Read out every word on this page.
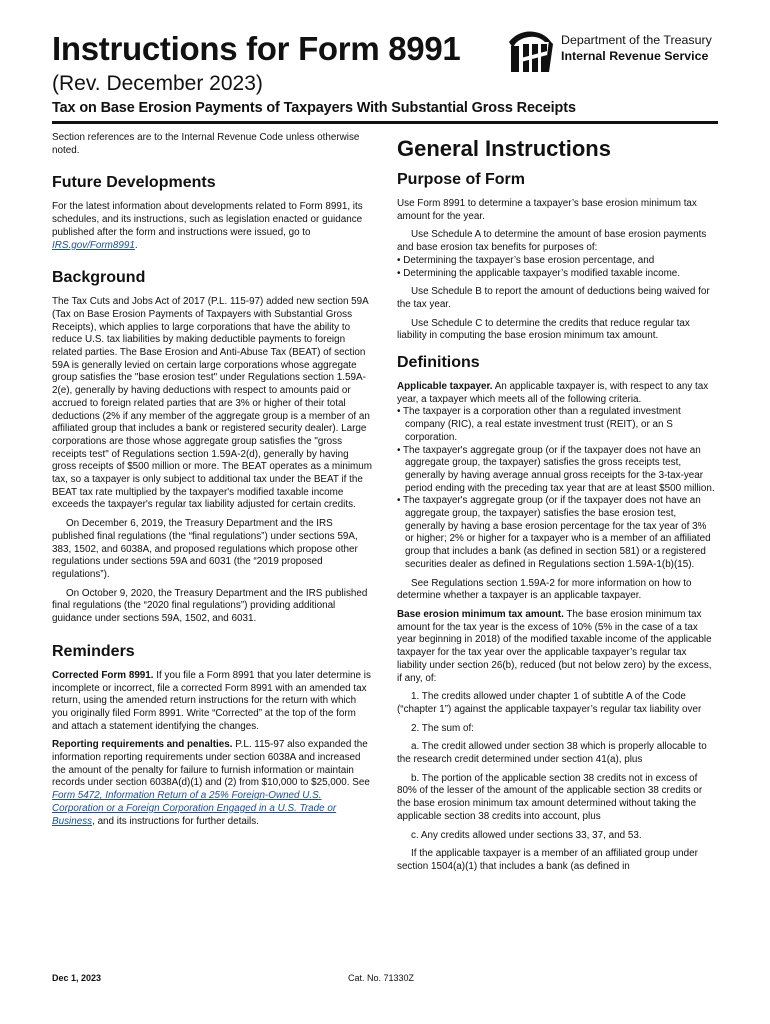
Instructions for Form 8991
(Rev. December 2023)
Tax on Base Erosion Payments of Taxpayers With Substantial Gross Receipts
Department of the Treasury
Internal Revenue Service

Section references are to the Internal Revenue Code unless otherwise noted.

Future Developments

For the latest information about developments related to Form 8991, its schedules, and its instructions, such as legislation enacted or guidance published after the form and instructions were issued, go to IRS.gov/Form8991.

Background

The Tax Cuts and Jobs Act of 2017 (P.L. 115-97) added new section 59A (Tax on Base Erosion Payments of Taxpayers with Substantial Gross Receipts), which applies to large corporations that have the ability to reduce U.S. tax liabilities by making deductible payments to foreign related parties. The Base Erosion and Anti-Abuse Tax (BEAT) of section 59A is generally levied on certain large corporations whose aggregate group satisfies the "base erosion test" under Regulations section 1.59A-2(e), generally by having deductions with respect to amounts paid or accrued to foreign related parties that are 3% or higher of their total deductions (2% if any member of the aggregate group is a member of an affiliated group that includes a bank or registered security dealer). Large corporations are those whose aggregate group satisfies the "gross receipts test" of Regulations section 1.59A-2(d), generally by having gross receipts of $500 million or more. The BEAT operates as a minimum tax, so a taxpayer is only subject to additional tax under the BEAT if the BEAT tax rate multiplied by the taxpayer's modified taxable income exceeds the taxpayer's regular tax liability adjusted for certain credits.

On December 6, 2019, the Treasury Department and the IRS published final regulations (the “final regulations”) under sections 59A, 383, 1502, and 6038A, and proposed regulations which propose other regulations under sections 59A and 6031 (the “2019 proposed regulations”).

On October 9, 2020, the Treasury Department and the IRS published final regulations (the “2020 final regulations”) providing additional guidance under sections 59A, 1502, and 6031.

Reminders

Corrected Form 8991. If you file a Form 8991 that you later determine is incomplete or incorrect, file a corrected Form 8991 with an amended tax return, using the amended return instructions for the return with which you originally filed Form 8991. Write “Corrected” at the top of the form and attach a statement identifying the changes.

Reporting requirements and penalties. P.L. 115-97 also expanded the information reporting requirements under section 6038A and increased the amount of the penalty for failure to furnish information or maintain records under section 6038A(d)(1) and (2) from $10,000 to $25,000. See Form 5472, Information Return of a 25% Foreign-Owned U.S. Corporation or a Foreign Corporation Engaged in a U.S. Trade or Business, and its instructions for further details.

General Instructions

Purpose of Form

Use Form 8991 to determine a taxpayer’s base erosion minimum tax amount for the year.

Use Schedule A to determine the amount of base erosion payments and base erosion tax benefits for purposes of:

• Determining the taxpayer’s base erosion percentage, and

• Determining the applicable taxpayer’s modified taxable income.

Use Schedule B to report the amount of deductions being waived for the tax year.

Use Schedule C to determine the credits that reduce regular tax liability in computing the base erosion minimum tax amount.

Definitions

Applicable taxpayer. An applicable taxpayer is, with respect to any tax year, a taxpayer which meets all of the following criteria.

• The taxpayer is a corporation other than a regulated investment company (RIC), a real estate investment trust (REIT), or an S corporation.

• The taxpayer's aggregate group (or if the taxpayer does not have an aggregate group, the taxpayer) satisfies the gross receipts test, generally by having average annual gross receipts for the 3-tax-year period ending with the preceding tax year that are at least $500 million.

• The taxpayer's aggregate group (or if the taxpayer does not have an aggregate group, the taxpayer) satisfies the base erosion test, generally by having a base erosion percentage for the tax year of 3% or higher; 2% or higher for a taxpayer who is a member of an affiliated group that includes a bank (as defined in section 581) or a registered securities dealer as defined in Regulations section 1.59A-1(b)(15).

See Regulations section 1.59A-2 for more information on how to determine whether a taxpayer is an applicable taxpayer.

Base erosion minimum tax amount. The base erosion minimum tax amount for the tax year is the excess of 10% (5% in the case of a tax year beginning in 2018) of the modified taxable income of the applicable taxpayer for the tax year over the applicable taxpayer’s regular tax liability under section 26(b), reduced (but not below zero) by the excess, if any, of:

1. The credits allowed under chapter 1 of subtitle A of the Code (“chapter 1”) against the applicable taxpayer’s regular tax liability over

2. The sum of:

a. The credit allowed under section 38 which is properly allocable to the research credit determined under section 41(a), plus

b. The portion of the applicable section 38 credits not in excess of 80% of the lesser of the amount of the applicable section 38 credits or the base erosion minimum tax amount determined without taking the applicable section 38 credits into account, plus

c. Any credits allowed under sections 33, 37, and 53.

If the applicable taxpayer is a member of an affiliated group under section 1504(a)(1) that includes a bank (as defined in

Dec 1, 2023	Cat. No. 71330Z
